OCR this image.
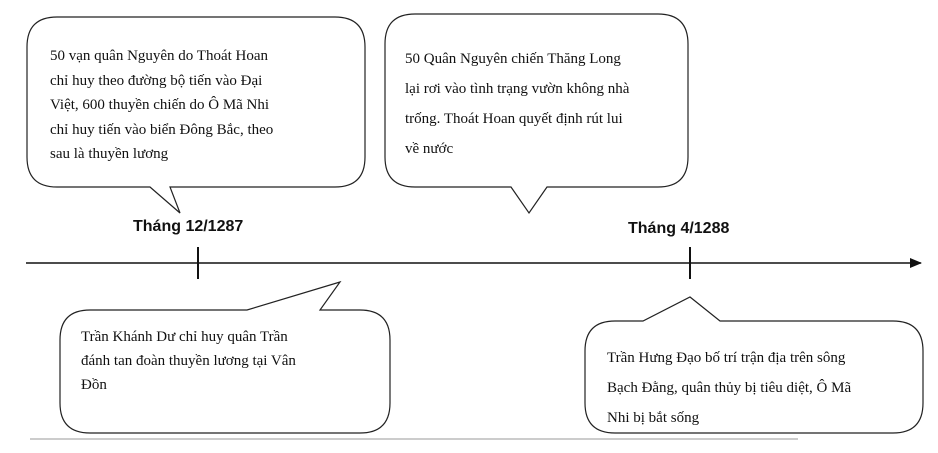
50 vạn quân Nguyên do Thoát Hoan
chỉ huy theo đường bộ tiến vào Đại
Việt, 600 thuyền chiến do Ô Mã Nhi
chỉ huy tiến vào biển Đông Bắc, theo
sau là thuyền lương

50 Quân Nguyên chiến Thăng Long
lại rơi vào tình trạng vườn không nhà
trống. Thoát Hoan quyết định rút lui
về nước

Trần Khánh Dư chỉ huy quân Trần
đánh tan đoàn thuyền lương tại Vân
Đồn

Trần Hưng Đạo bố trí trận địa trên sông
Bạch Đằng, quân thủy bị tiêu diệt, Ô Mã
Nhi bị bắt sống

Tháng 12/1287	Tháng 4/1288
